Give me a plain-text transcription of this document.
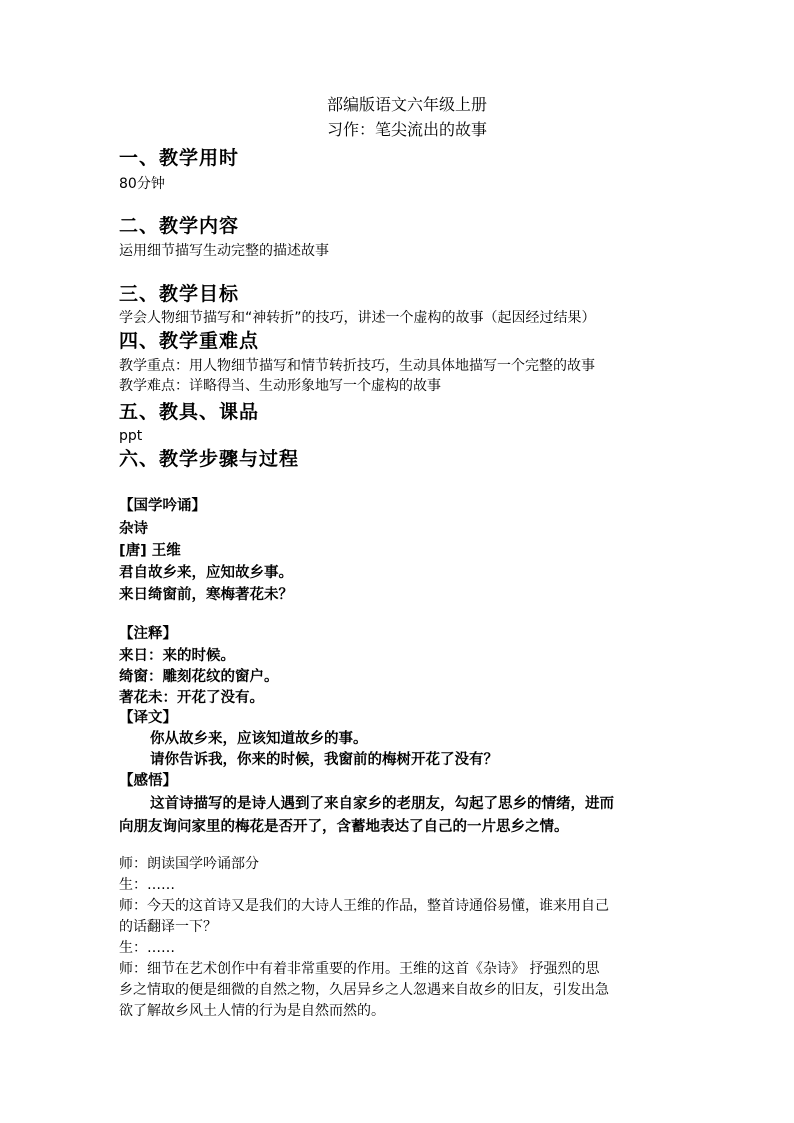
部编版语文六年级上册
习作：笔尖流出的故事
一、教学用时
80分钟
二、教学内容
运用细节描写生动完整的描述故事
三、教学目标
学会人物细节描写和“神转折”的技巧，讲述一个虚构的故事（起因经过结果）
四、教学重难点
教学重点：用人物细节描写和情节转折技巧，生动具体地描写一个完整的故事
教学难点：详略得当、生动形象地写一个虚构的故事
五、教具、课品
ppt
六、教学步骤与过程
【国学吟诵】
杂诗
[唐] 王维
君自故乡来，应知故乡事。
来日绮窗前，寒梅著花未？
【注释】
来日：来的时候。
绮窗：雕刻花纹的窗户。
著花未：开花了没有。
【译文】
你从故乡来，应该知道故乡的事。
请你告诉我，你来的时候，我窗前的梅树开花了没有？
【感悟】
这首诗描写的是诗人遇到了来自家乡的老朋友，勾起了思乡的情绪，进而
向朋友询问家里的梅花是否开了，含蓄地表达了自己的一片思乡之情。
师：朗读国学吟诵部分
生：……
师：今天的这首诗又是我们的大诗人王维的作品，整首诗通俗易懂，谁来用自己
的话翻译一下？
生：……
师：细节在艺术创作中有着非常重要的作用。王维的这首《杂诗》 抒强烈的思
乡之情取的便是细微的自然之物，久居异乡之人忽遇来自故乡的旧友，引发出急
欲了解故乡风土人情的行为是自然而然的。
